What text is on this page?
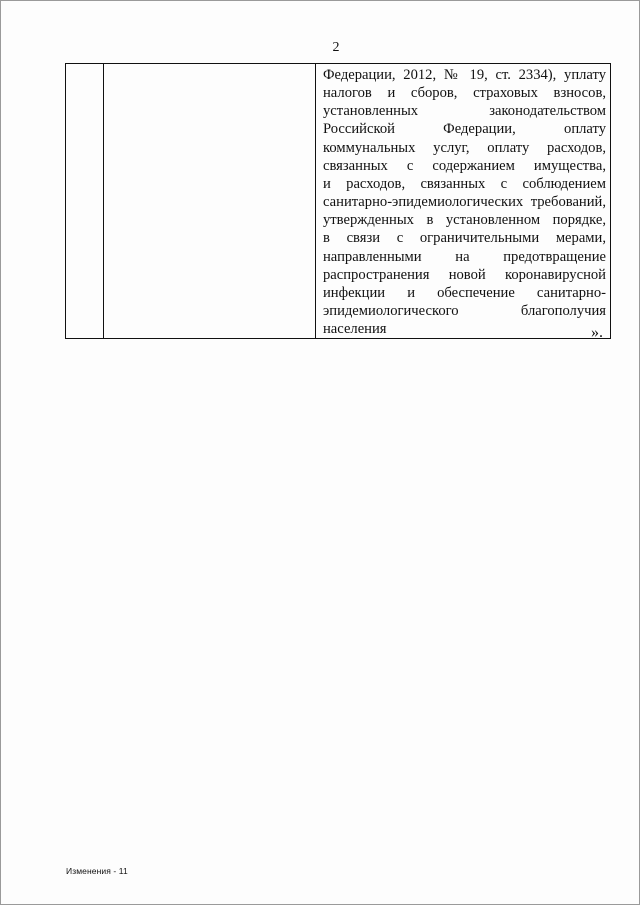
2

Федерации, 2012, № 19, ст. 2334), уплату
налогов и сборов, страховых взносов,
установленных законодательством
Российской Федерации, оплату
коммунальных услуг, оплату расходов,
связанных с содержанием имущества,
и расходов, связанных с соблюдением
санитарно-эпидемиологических требований,
утвержденных в установленном порядке,
в связи с ограничительными мерами,
направленными на предотвращение
распространения новой коронавирусной
инфекции и обеспечение санитарно-
эпидемиологического благополучия
населения	».
Изменения - 11
